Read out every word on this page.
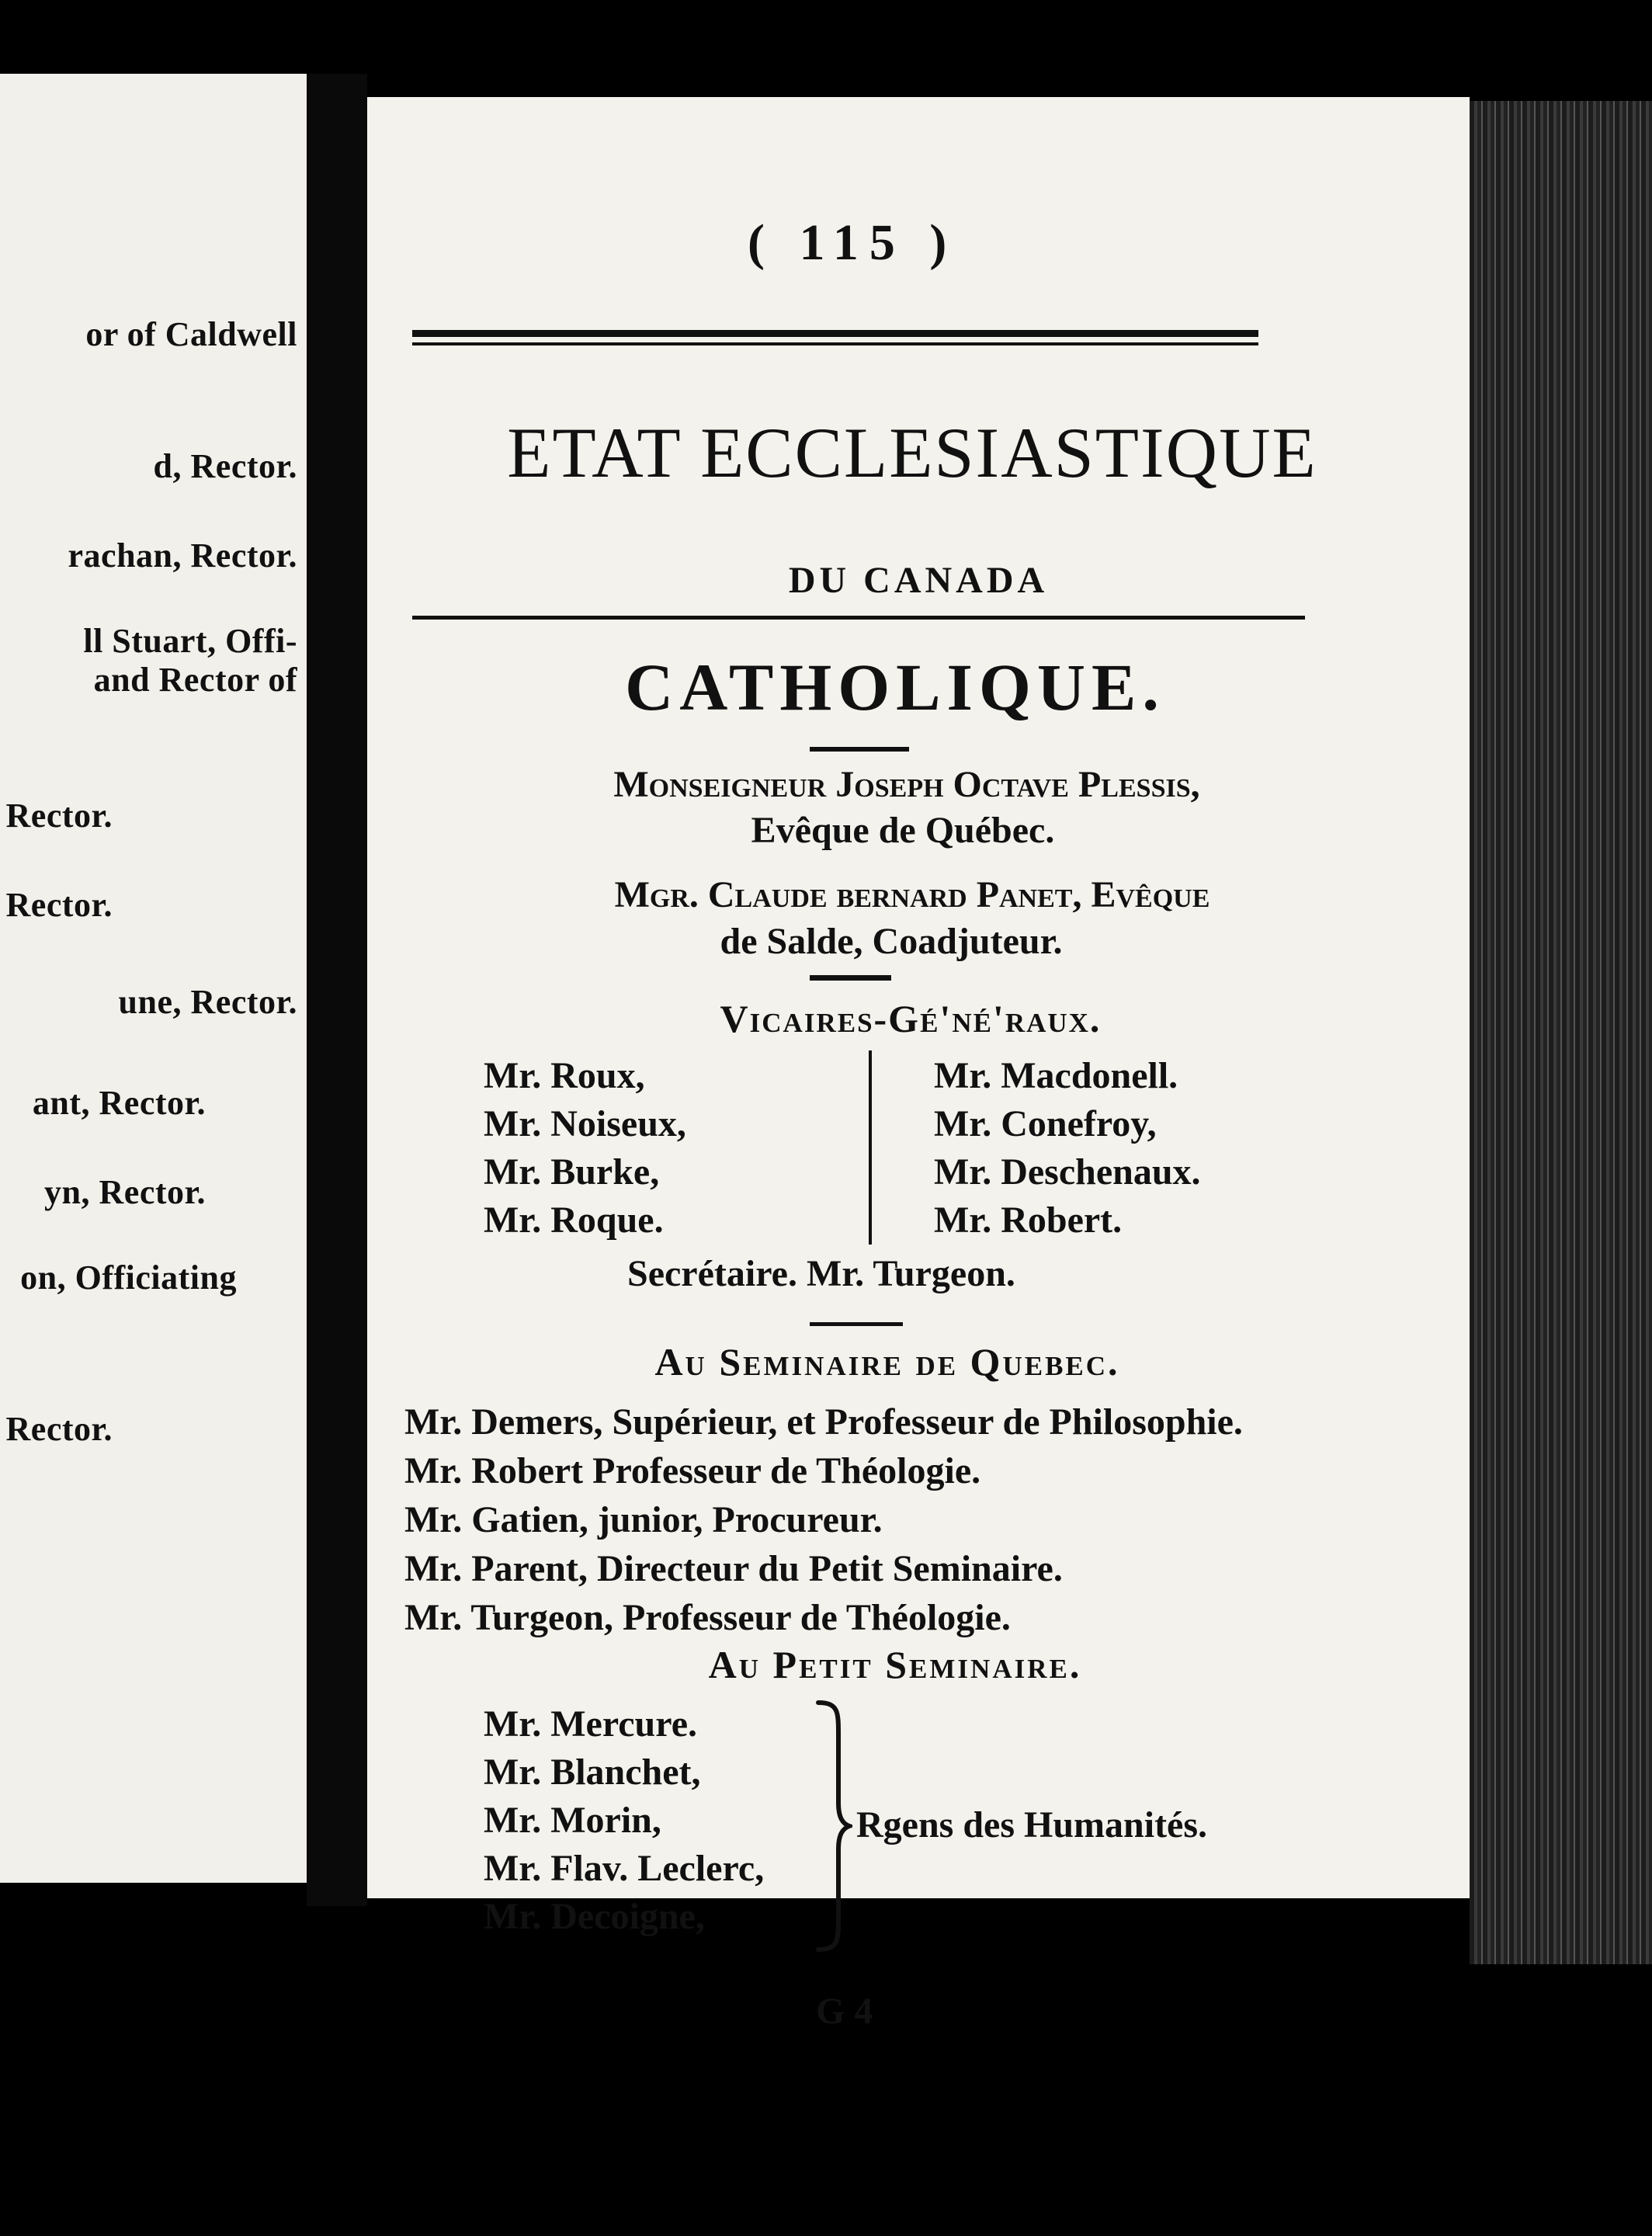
or of Caldwell
d, Rector.
rachan, Rector.
ll Stuart, Offi-
and Rector of
Rector.
Rector.
une, Rector.
ant, Rector.
yn, Rector.
on, Officiating
Rector.
( 115 )
ETAT ECCLESIASTIQUE
DU CANADA
CATHOLIQUE.
Monseigneur Joseph Octave Plessis,
Evêque de Québec.
Mgr. Claude bernard Panet, Evêque
de Salde, Coadjuteur.
Vicaires-Gé'né'raux.
Mr. Roux,
Mr. Noiseux,
Mr. Burke,
Mr. Roque.
Mr. Macdonell.
Mr. Conefroy,
Mr. Deschenaux.
Mr. Robert.
Secrétaire. Mr. Turgeon.
Au Seminaire de Quebec.
Mr. Demers, Supérieur, et Professeur de Philosophie.
Mr. Robert Professeur de Théologie.
Mr. Gatien, junior, Procureur.
Mr. Parent, Directeur du Petit Seminaire.
Mr. Turgeon, Professeur de Théologie.
Au Petit Seminaire.
Mr. Mercure.
Mr. Blanchet,
Mr. Morin,
Mr. Flav. Leclerc,
Mr. Decoigne,
Rgens des Humanités.
G 4
